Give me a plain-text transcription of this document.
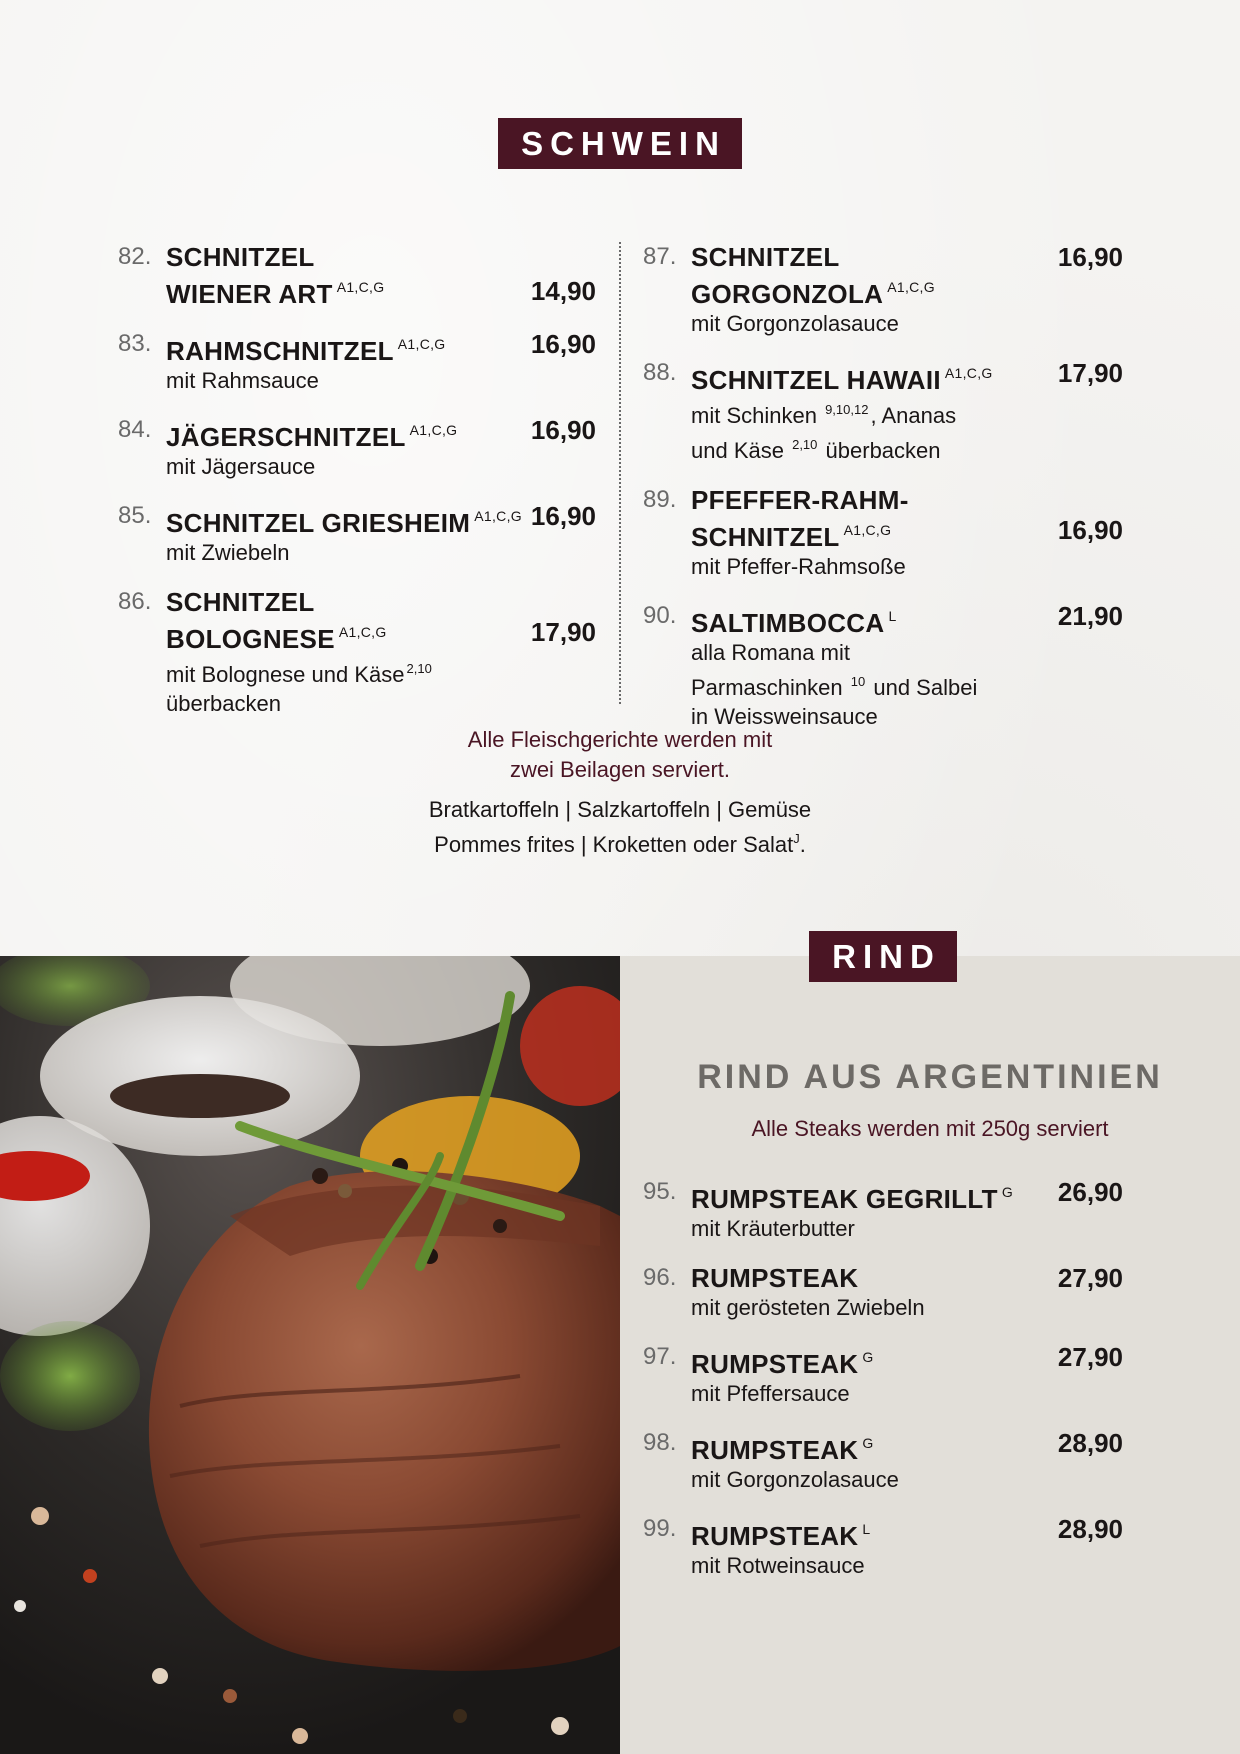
SCHWEIN
82.
14,90
SCHNITZEL
WIENER ART $^{A1,C,G}$
83.	16,90
RAHMSCHNITZEL $^{A1,C,G}$
mit Rahmsauce
84.	16,90
JÄGERSCHNITZEL $^{A1,C,G}$
mit Jägersauce
85.	16,90
SCHNITZEL GRIESHEIM $^{A1,C,G}$
mit Zwiebeln
86.
17,90
SCHNITZEL
BOLOGNESE $^{A1,C,G}$
mit Bolognese und Käse $^{2,10}$
überbacken
87.	16,90
SCHNITZEL
GORGONZOLA $^{A1,C,G}$
mit Gorgonzolasauce
88.	17,90
SCHNITZEL HAWAII $^{A1,C,G}$
mit Schinken $^{9,10,12}$, Ananas
und Käse $^{2,10}$ überbacken
89.
16,90
PFEFFER-RAHM-
SCHNITZEL $^{A1,C,G}$
mit Pfeffer-Rahmsoße
90.	21,90
SALTIMBOCCA $^L$
alla Romana mit
Parmaschinken $^{10}$ und Salbei
in Weissweinsauce
Alle Fleischgerichte werden mit
zwei Beilagen serviert.
Bratkartoffeln | Salzkartoffeln | Gemüse
Pommes frites | Kroketten oder Salat$^J$.
RIND
RIND AUS ARGENTINIEN
Alle Steaks werden mit 250g serviert
95.	26,90
RUMPSTEAK GEGRILLT $^G$
mit Kräuterbutter
96.	27,90
RUMPSTEAK
mit gerösteten Zwiebeln
97.	27,90
RUMPSTEAK $^G$
mit Pfeffersauce
98.	28,90
RUMPSTEAK $^G$
mit Gorgonzolasauce
99.	28,90
RUMPSTEAK $^L$
mit Rotweinsauce
